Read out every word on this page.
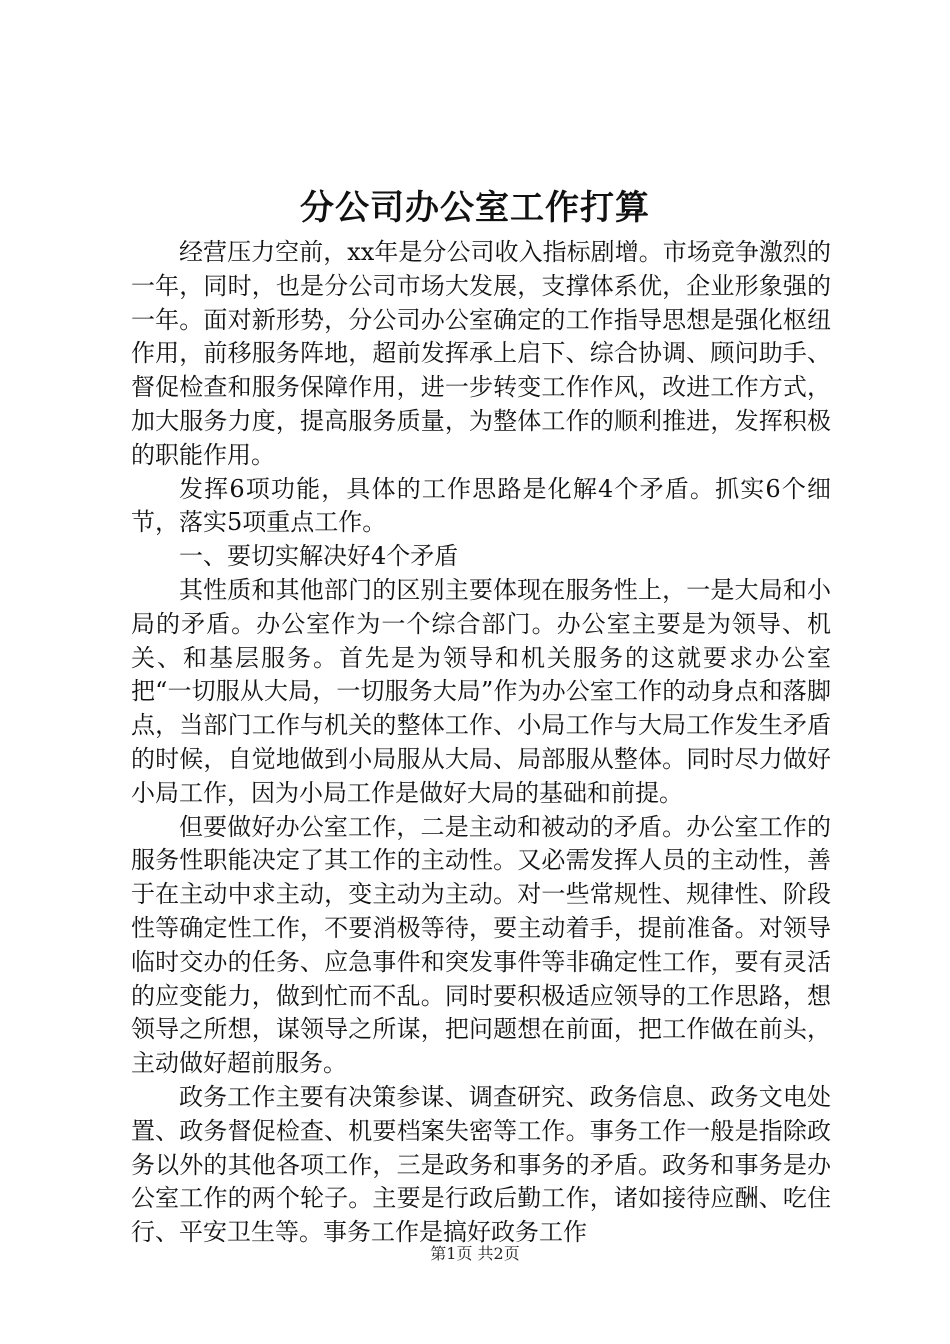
分公司办公室工作打算

经营压力空前，xx年是分公司收入指标剧增。市场竞争激烈的一年，同时，也是分公司市场大发展，支撑体系优，企业形象强的一年。面对新形势，分公司办公室确定的工作指导思想是强化枢纽作用，前移服务阵地，超前发挥承上启下、综合协调、顾问助手、督促检查和服务保障作用，进一步转变工作作风，改进工作方式，加大服务力度，提高服务质量，为整体工作的顺利推进，发挥积极的职能作用。

发挥6项功能，具体的工作思路是化解4个矛盾。抓实6个细节，落实5项重点工作。

一、要切实解决好4个矛盾

其性质和其他部门的区别主要体现在服务性上，一是大局和小局的矛盾。办公室作为一个综合部门。办公室主要是为领导、机关、和基层服务。首先是为领导和机关服务的这就要求办公室把“一切服从大局，一切服务大局”作为办公室工作的动身点和落脚点，当部门工作与机关的整体工作、小局工作与大局工作发生矛盾的时候，自觉地做到小局服从大局、局部服从整体。同时尽力做好小局工作，因为小局工作是做好大局的基础和前提。

但要做好办公室工作，二是主动和被动的矛盾。办公室工作的服务性职能决定了其工作的主动性。又必需发挥人员的主动性，善于在主动中求主动，变主动为主动。对一些常规性、规律性、阶段性等确定性工作，不要消极等待，要主动着手，提前准备。对领导临时交办的任务、应急事件和突发事件等非确定性工作，要有灵活的应变能力，做到忙而不乱。同时要积极适应领导的工作思路，想领导之所想，谋领导之所谋，把问题想在前面，把工作做在前头，主动做好超前服务。

政务工作主要有决策参谋、调查研究、政务信息、政务文电处置、政务督促检查、机要档案失密等工作。事务工作一般是指除政务以外的其他各项工作，三是政务和事务的矛盾。政务和事务是办公室工作的两个轮子。主要是行政后勤工作，诸如接待应酬、吃住行、平安卫生等。事务工作是搞好政务工作

第1页 共2页
